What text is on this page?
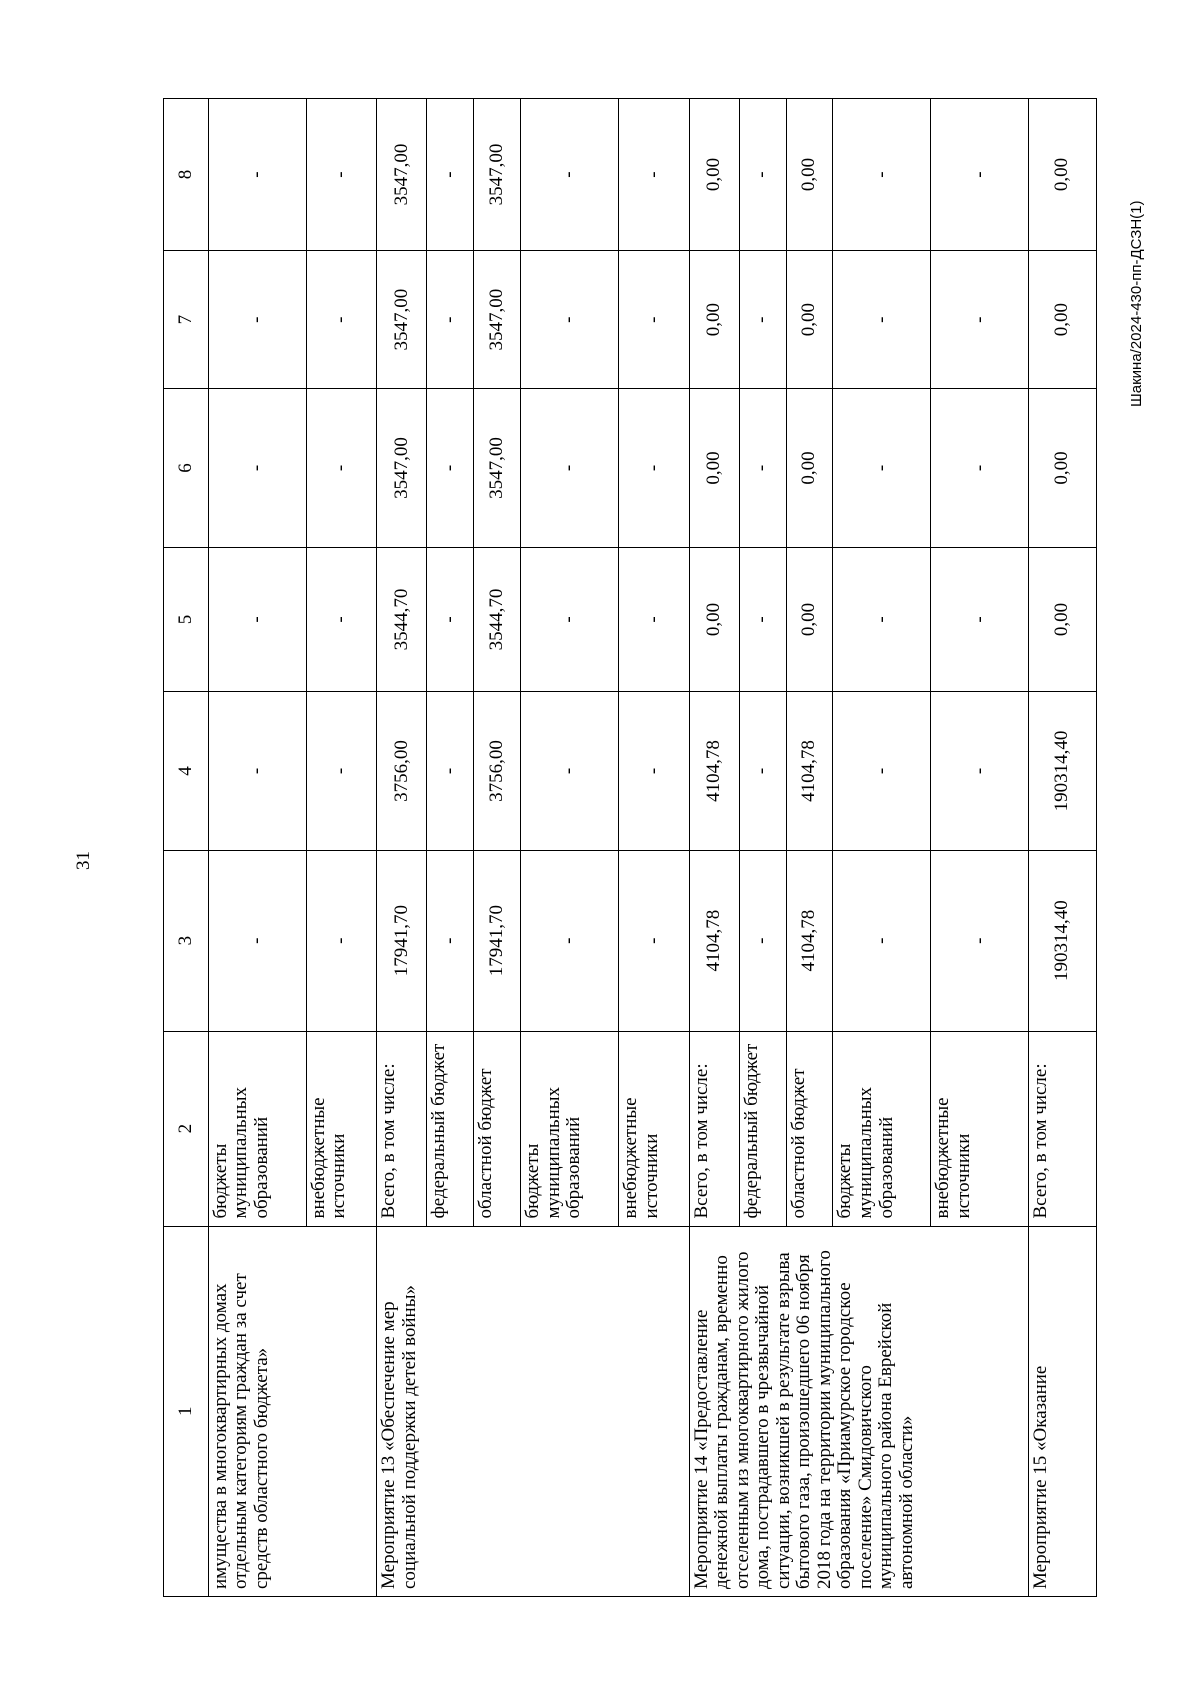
31
1	2	3	4	5	6	7	8
имущества в многоквартирных домах отдельным категориям граждан за счет средств областного бюджета»	бюджеты муниципальных образований	-	-	-	-	-	-
	внебюджетные источники	-	-	-	-	-	-
Мероприятие 13 «Обеспечение мер социальной поддержки детей войны»	Всего, в том числе:	17941,70	3756,00	3544,70	3547,00	3547,00	3547,00
	федеральный бюджет	-	-	-	-	-	-
	областной бюджет	17941,70	3756,00	3544,70	3547,00	3547,00	3547,00
	бюджеты муниципальных образований	-	-	-	-	-	-
	внебюджетные источники	-	-	-	-	-	-
Мероприятие 14 «Предоставление денежной выплаты гражданам, временно отселенным из многоквартирного жилого дома, пострадавшего в чрезвычайной ситуации, возникшей в результате взрыва бытового газа, произошедшего 06 ноября 2018 года на территории муниципального образования «Приамурское городское поселение» Смидовичского муниципального района Еврейской автономной области»	Всего, в том числе:	4104,78	4104,78	0,00	0,00	0,00	0,00
	федеральный бюджет	-	-	-	-	-	-
	областной бюджет	4104,78	4104,78	0,00	0,00	0,00	0,00
	бюджеты муниципальных образований	-	-	-	-	-	-
	внебюджетные источники	-	-	-	-	-	-
Мероприятие 15 «Оказание	Всего, в том числе:	190314,40	190314,40	0,00	0,00	0,00	0,00
Шакина/2024-430-пп-ДСЗН(1)
